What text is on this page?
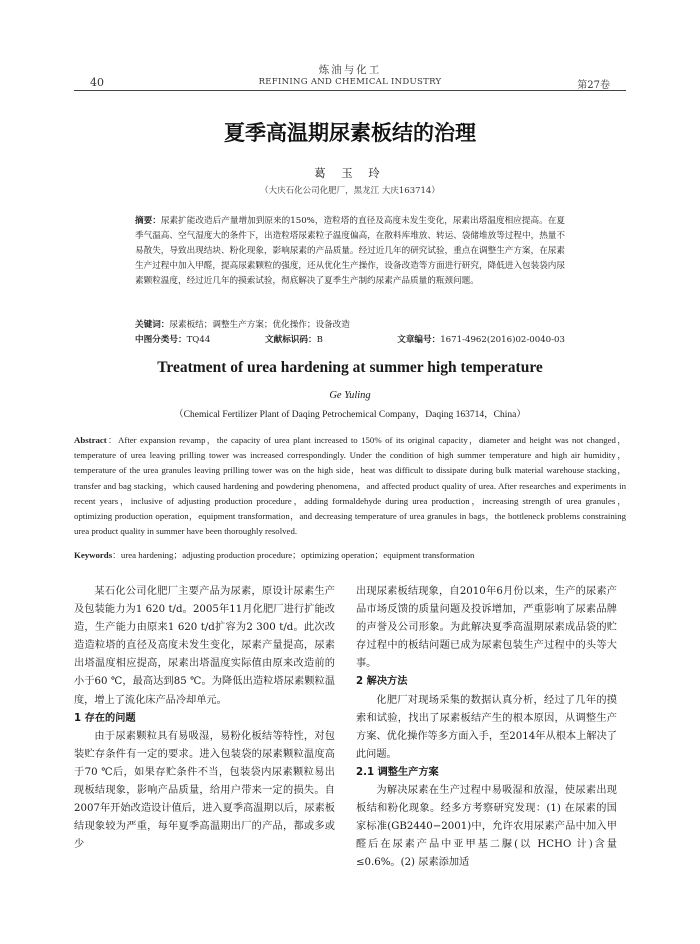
炼油与化工
REFINING AND CHEMICAL INDUSTRY
40	第27卷
夏季高温期尿素板结的治理
葛 玉 玲
（大庆石化公司化肥厂，黑龙江 大庆163714）
摘要：尿素扩能改造后产量增加到原来的150%，造粒塔的直径及高度未发生变化，尿素出塔温度相应提高。在夏季气温高、空气湿度大的条件下，出造粒塔尿素粒子温度偏高，在散料库堆放、转运、袋储堆放等过程中，热量不易散失，导致出现结块、粉化现象，影响尿素的产品质量。经过近几年的研究试验，重点在调整生产方案，在尿素生产过程中加入甲醛，提高尿素颗粒的强度，还从优化生产操作，设备改造等方面进行研究，降低进入包装袋内尿素颗粒温度，经过近几年的摸索试验，彻底解决了夏季生产制约尿素产品质量的瓶颈问题。
关键词：尿素板结；调整生产方案；优化操作；设备改造
中图分类号：TQ44	文献标识码：B	文章编号：1671-4962(2016)02-0040-03
Treatment of urea hardening at summer high temperature
Ge Yuling
（Chemical Fertilizer Plant of Daqing Petrochemical Company，Daqing 163714，China）
Abstract：After expansion revamp，the capacity of urea plant increased to 150% of its original capacity，diameter and height was not changed，temperature of urea leaving prilling tower was increased correspondingly. Under the condition of high summer temperature and high air humidity，temperature of the urea granules leaving prilling tower was on the high side，heat was difficult to dissipate during bulk material warehouse stacking，transfer and bag stacking，which caused hardening and powdering phenomena，and affected product quality of urea. After researches and experiments in recent years，inclusive of adjusting production procedure，adding formaldehyde during urea production，increasing strength of urea granules，optimizing production operation，equipment transformation，and decreasing temperature of urea granules in bags，the bottleneck problems constraining urea product quality in summer have been thoroughly resolved.
Keywords：urea hardening；adjusting production procedure；optimizing operation；equipment transformation

某石化公司化肥厂主要产品为尿素，原设计尿素生产及包装能力为1 620 t/d。2005年11月化肥厂进行扩能改造，生产能力由原来1 620 t/d扩容为2 300 t/d。此次改造造粒塔的直径及高度未发生变化，尿素产量提高，尿素出塔温度相应提高，尿素出塔温度实际值由原来改造前的小于60 ℃，最高达到85 ℃。为降低出造粒塔尿素颗粒温度，增上了流化床产品冷却单元。

1 存在的问题

由于尿素颗粒具有易吸湿，易粉化板结等特性，对包装贮存条件有一定的要求。进入包装袋的尿素颗粒温度高于70 ℃后，如果存贮条件不当，包装袋内尿素颗粒易出现板结现象，影响产品质量，给用户带来一定的损失。自2007年开始改造设计值后，进入夏季高温期以后，尿素板结现象较为严重，每年夏季高温期出厂的产品，都或多或少

出现尿素板结现象，自2010年6月份以来，生产的尿素产品市场反馈的质量问题及投诉增加，严重影响了尿素品牌的声誉及公司形象。为此解决夏季高温期尿素成品袋的贮存过程中的板结问题已成为尿素包装生产过程中的头等大事。

2 解决方法

化肥厂对现场采集的数据认真分析，经过了几年的摸索和试验，找出了尿素板结产生的根本原因，从调整生产方案、优化操作等多方面入手，至2014年从根本上解决了此问题。

2.1 调整生产方案

为解决尿素在生产过程中易吸湿和放湿，使尿素出现板结和粉化现象。经多方考察研究发现：(1) 在尿素的国家标准(GB2440−2001)中，允许农用尿素产品中加入甲醛后在尿素产品中亚甲基二脲(以 HCHO 计)含量≤0.6%。(2) 尿素添加适
